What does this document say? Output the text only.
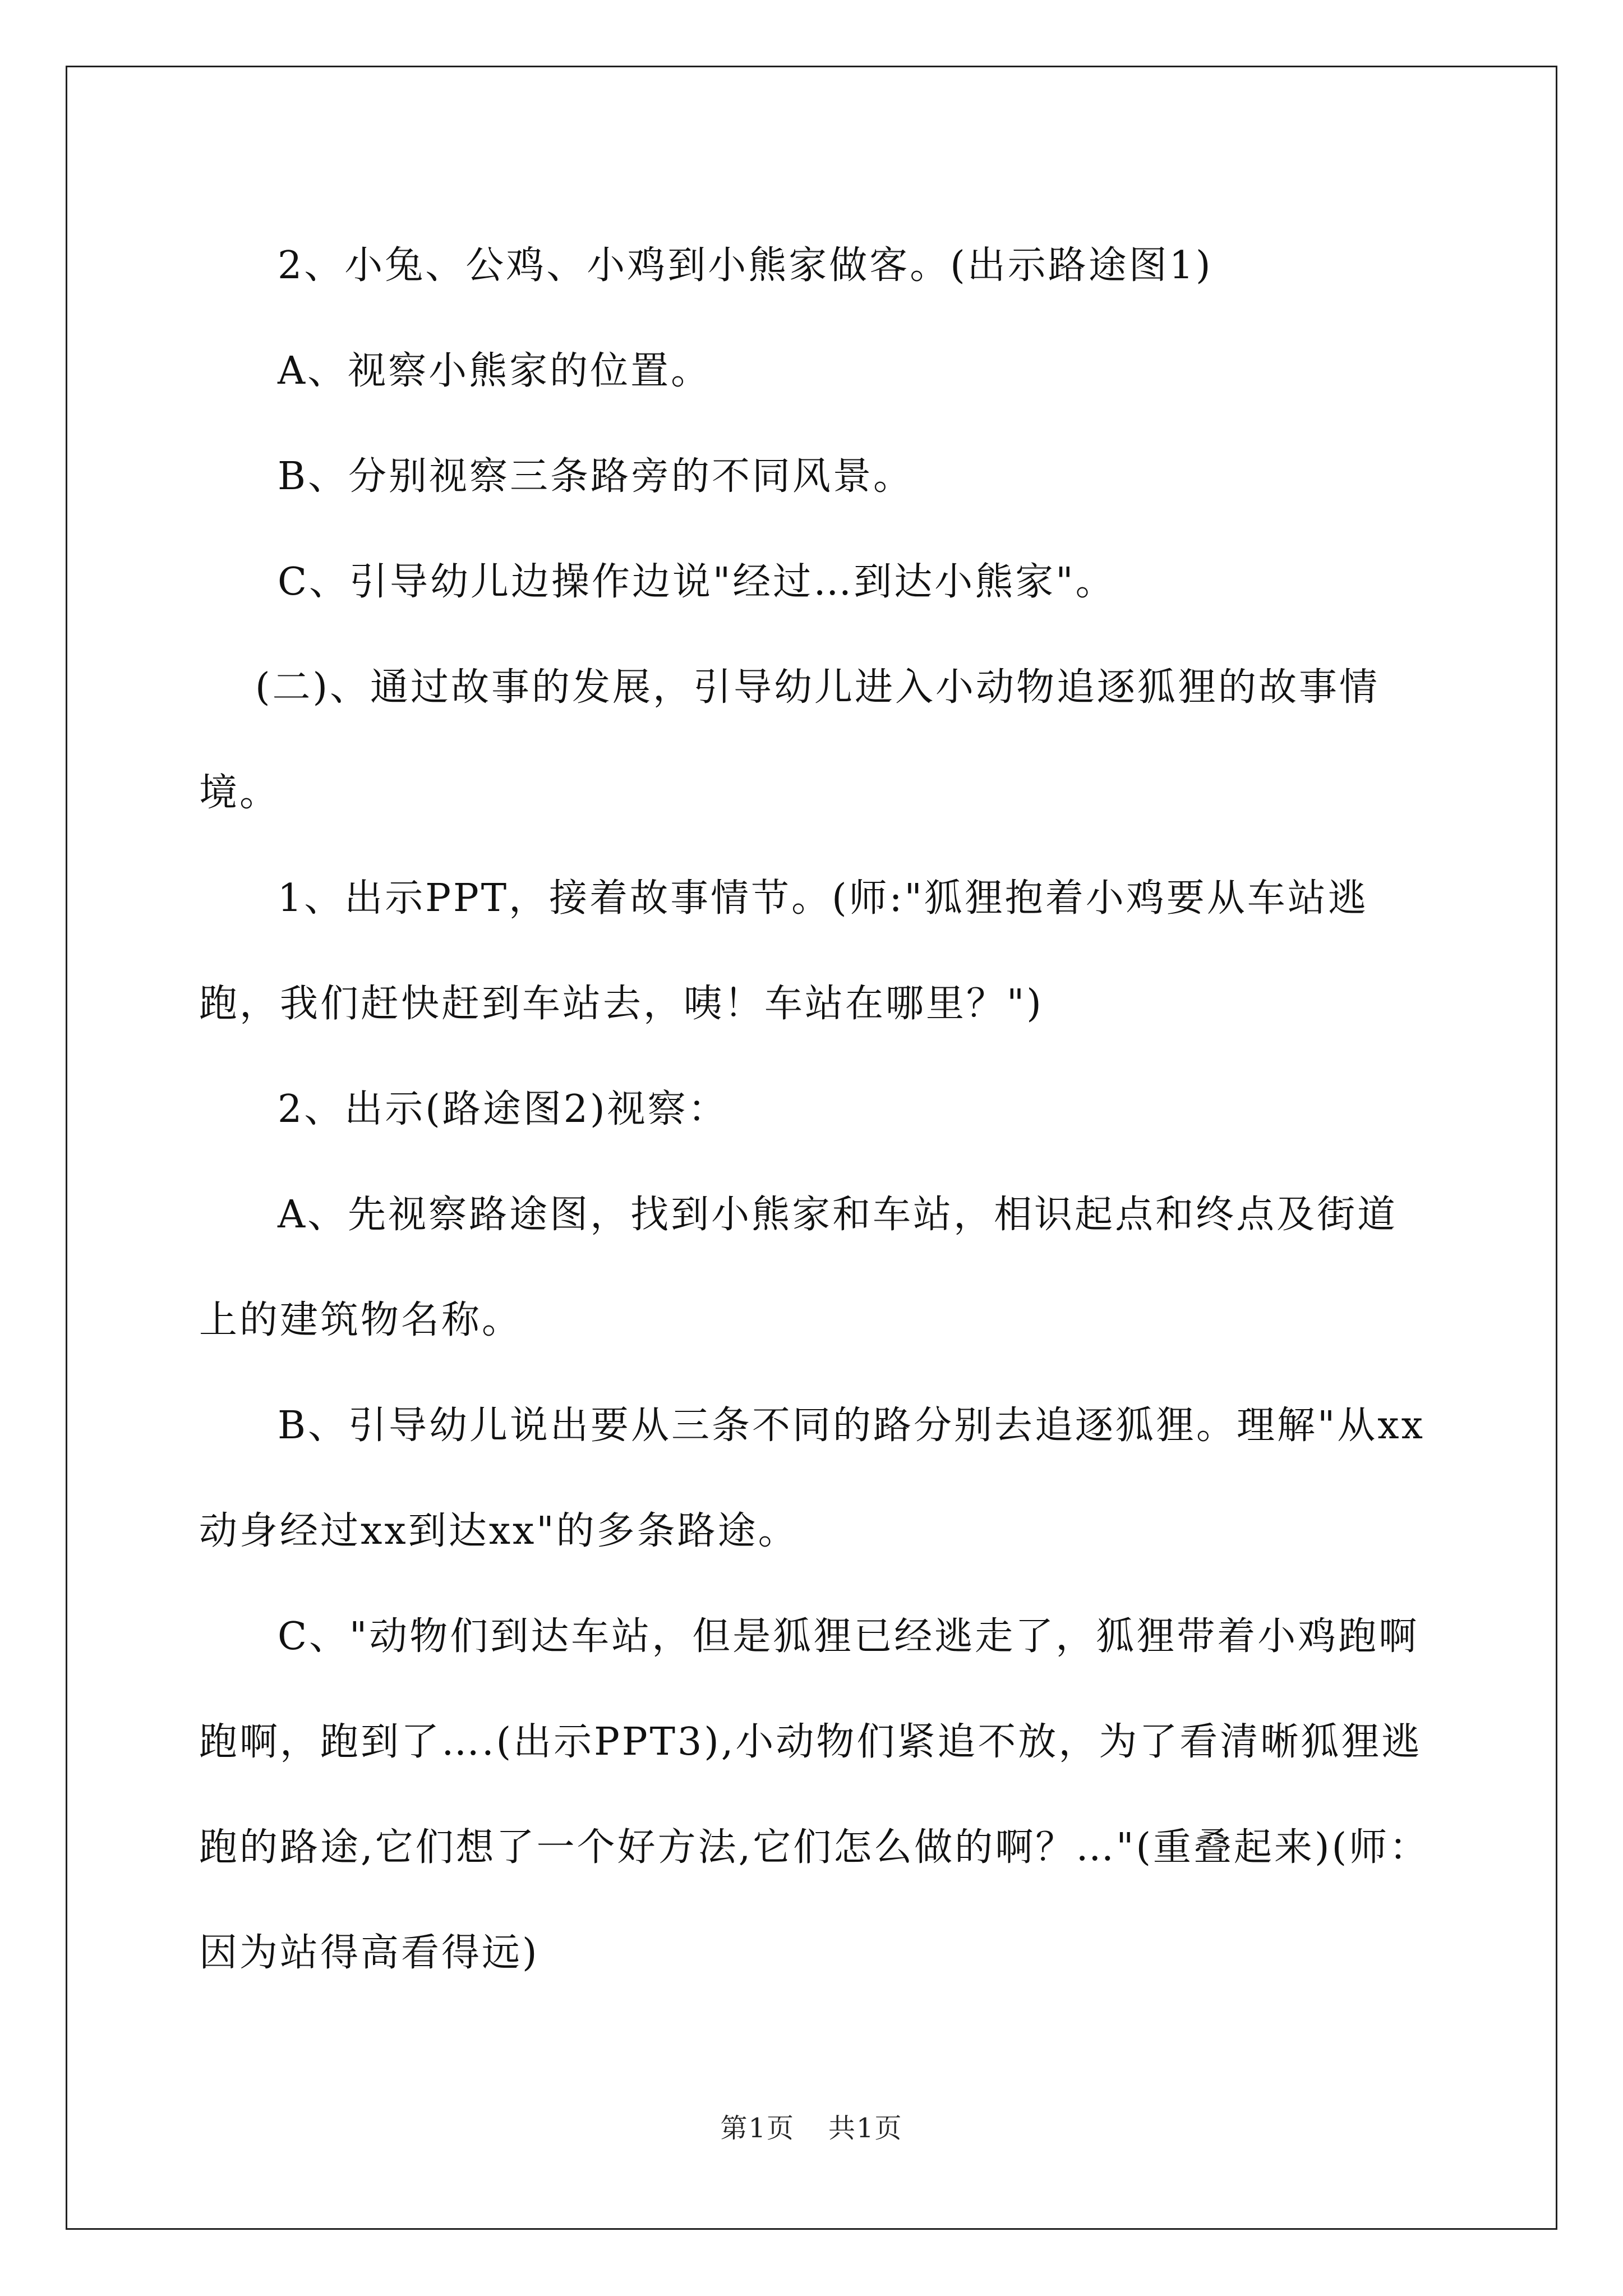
2、小兔、公鸡、小鸡到小熊家做客。(出示路途图1)

A、视察小熊家的位置。

B、分别视察三条路旁的不同风景。

C、引导幼儿边操作边说"经过…到达小熊家"。

(二)、通过故事的发展，引导幼儿进入小动物追逐狐狸的故事情境。

1、出示PPT，接着故事情节。(师:"狐狸抱着小鸡要从车站逃跑，我们赶快赶到车站去，咦！车站在哪里？")

2、出示(路途图2)视察：

A、先视察路途图，找到小熊家和车站，相识起点和终点及街道上的建筑物名称。

B、引导幼儿说出要从三条不同的路分别去追逐狐狸。理解"从xx动身经过xx到达xx"的多条路途。

C、"动物们到达车站，但是狐狸已经逃走了，狐狸带着小鸡跑啊跑啊，跑到了….(出示PPT3),小动物们紧追不放，为了看清晰狐狸逃跑的路途,它们想了一个好方法,它们怎么做的啊？…"(重叠起来)(师：因为站得高看得远)

第1页 共1页
